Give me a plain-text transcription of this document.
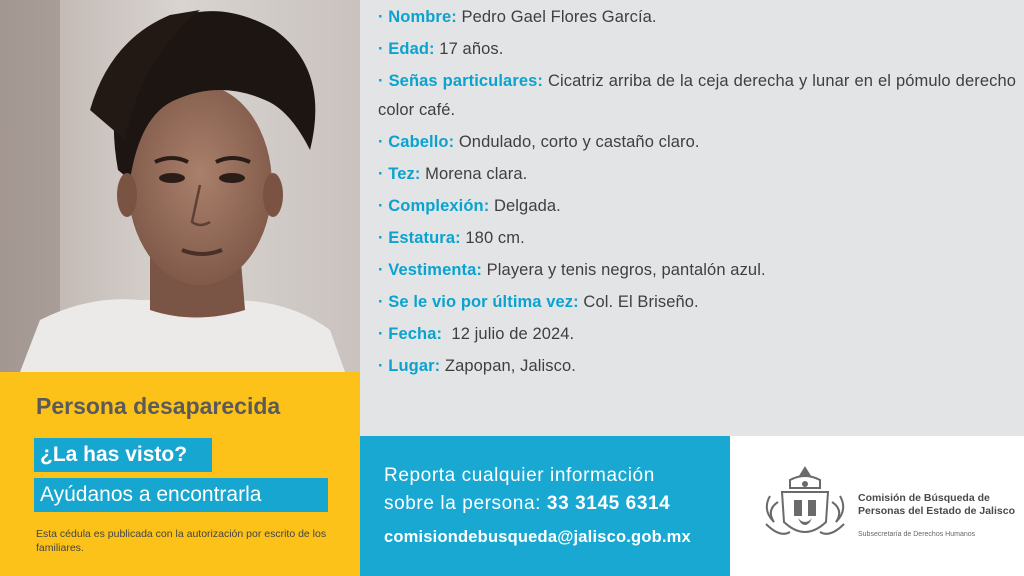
· Nombre: Pedro Gael Flores García.
· Edad: 17 años.
· Señas particulares: Cicatriz arriba de la ceja derecha y lunar en el pómulo derecho color café.
· Cabello: Ondulado, corto y castaño claro.
· Tez: Morena clara.
· Complexión: Delgada.
· Estatura: 180 cm.
· Vestimenta: Playera y tenis negros, pantalón azul.
· Se le vio por última vez: Col. El Briseño.
· Fecha:  12 julio de 2024.
· Lugar: Zapopan, Jalisco.
Persona desaparecida
¿La has visto?
Ayúdanos a encontrarla
Esta cédula es publicada con la autorización por escrito de los familiares.
Reporta cualquier información
sobre la persona: 33 3145 6314
comisiondebusqueda@jalisco.gob.mx
Comisión de Búsqueda de Personas del Estado de Jalisco
Subsecretaría de Derechos Humanos
